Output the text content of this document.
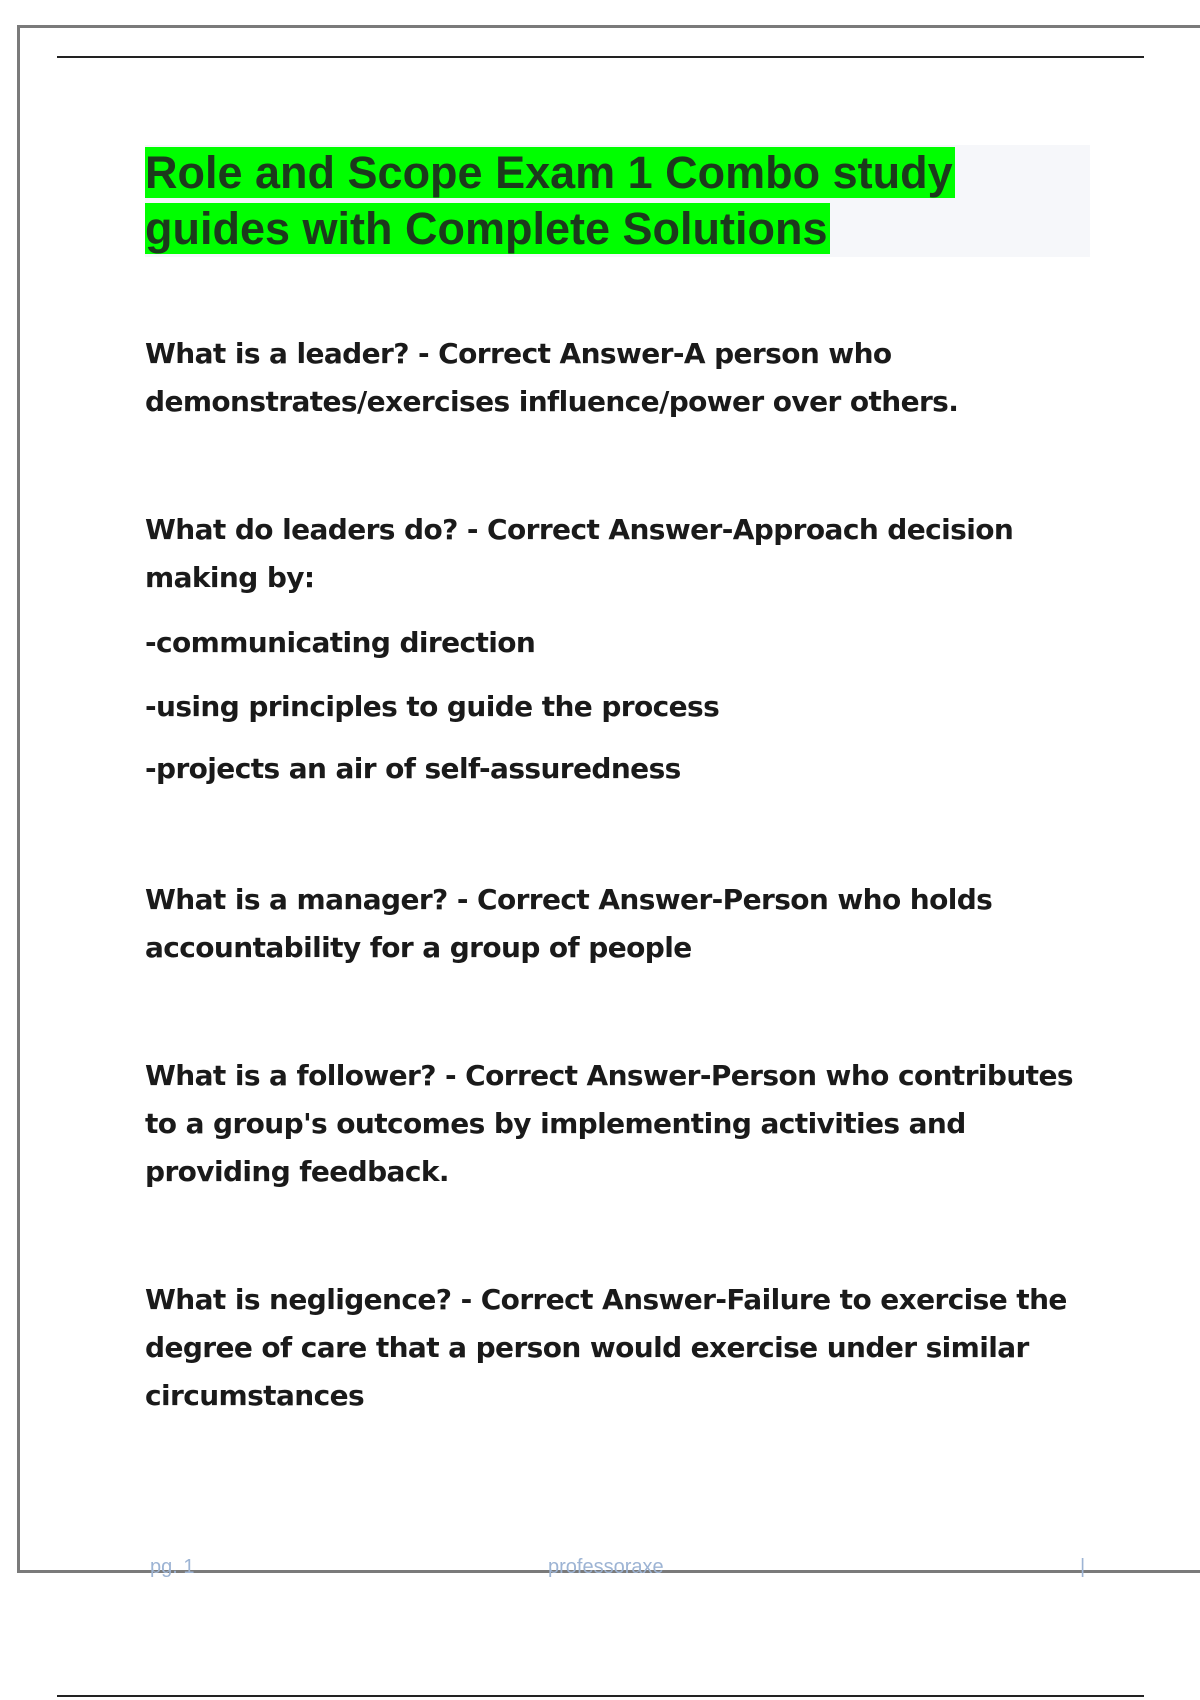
Role and Scope Exam 1 Combo study guides with Complete Solutions

What is a leader? - Correct Answer-A person who demonstrates/exercises influence/power over others.

What do leaders do? - Correct Answer-Approach decision making by:

-communicating direction

-using principles to guide the process

-projects an air of self-assuredness

What is a manager? - Correct Answer-Person who holds accountability for a group of people

What is a follower? - Correct Answer-Person who contributes to a group's outcomes by implementing activities and providing feedback.

What is negligence? - Correct Answer-Failure to exercise the degree of care that a person would exercise under similar circumstances

pg. 1	professoraxe	|
